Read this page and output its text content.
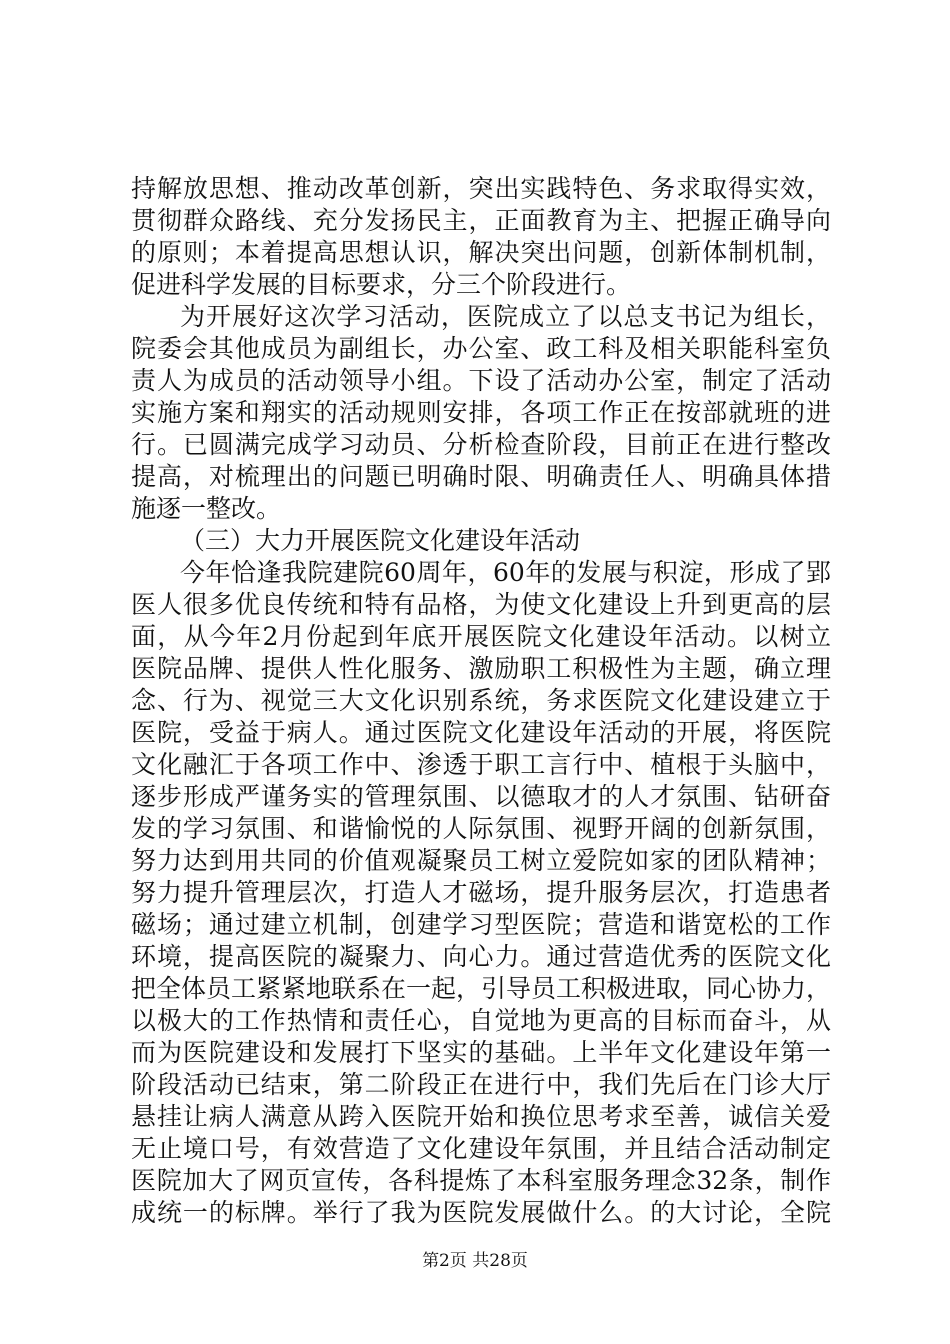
持解放思想、推动改革创新，突出实践特色、务求取得实效，
贯彻群众路线、充分发扬民主，正面教育为主、把握正确导向
的原则；本着提高思想认识，解决突出问题，创新体制机制，
促进科学发展的目标要求，分三个阶段进行。
为开展好这次学习活动，医院成立了以总支书记为组长，
院委会其他成员为副组长，办公室、政工科及相关职能科室负
责人为成员的活动领导小组。下设了活动办公室，制定了活动
实施方案和翔实的活动规则安排，各项工作正在按部就班的进
行。已圆满完成学习动员、分析检查阶段，目前正在进行整改
提高，对梳理出的问题已明确时限、明确责任人、明确具体措
施逐一整改。
（三）大力开展医院文化建设年活动
今年恰逢我院建院60周年，60年的发展与积淀，形成了郢
医人很多优良传统和特有品格，为使文化建设上升到更高的层
面，从今年2月份起到年底开展医院文化建设年活动。以树立
医院品牌、提供人性化服务、激励职工积极性为主题，确立理
念、行为、视觉三大文化识别系统，务求医院文化建设建立于
医院，受益于病人。通过医院文化建设年活动的开展，将医院
文化融汇于各项工作中、渗透于职工言行中、植根于头脑中，
逐步形成严谨务实的管理氛围、以德取才的人才氛围、钻研奋
发的学习氛围、和谐愉悦的人际氛围、视野开阔的创新氛围，
努力达到用共同的价值观凝聚员工树立爱院如家的团队精神；
努力提升管理层次，打造人才磁场，提升服务层次，打造患者
磁场；通过建立机制，创建学习型医院；营造和谐宽松的工作
环境，提高医院的凝聚力、向心力。通过营造优秀的医院文化
把全体员工紧紧地联系在一起，引导员工积极进取，同心协力，
以极大的工作热情和责任心，自觉地为更高的目标而奋斗，从
而为医院建设和发展打下坚实的基础。上半年文化建设年第一
阶段活动已结束，第二阶段正在进行中，我们先后在门诊大厅
悬挂让病人满意从跨入医院开始和换位思考求至善，诚信关爱
无止境口号，有效营造了文化建设年氛围，并且结合活动制定
医院加大了网页宣传，各科提炼了本科室服务理念32条，制作
成统一的标牌。举行了我为医院发展做什么。的大讨论，全院
第2页 共28页
